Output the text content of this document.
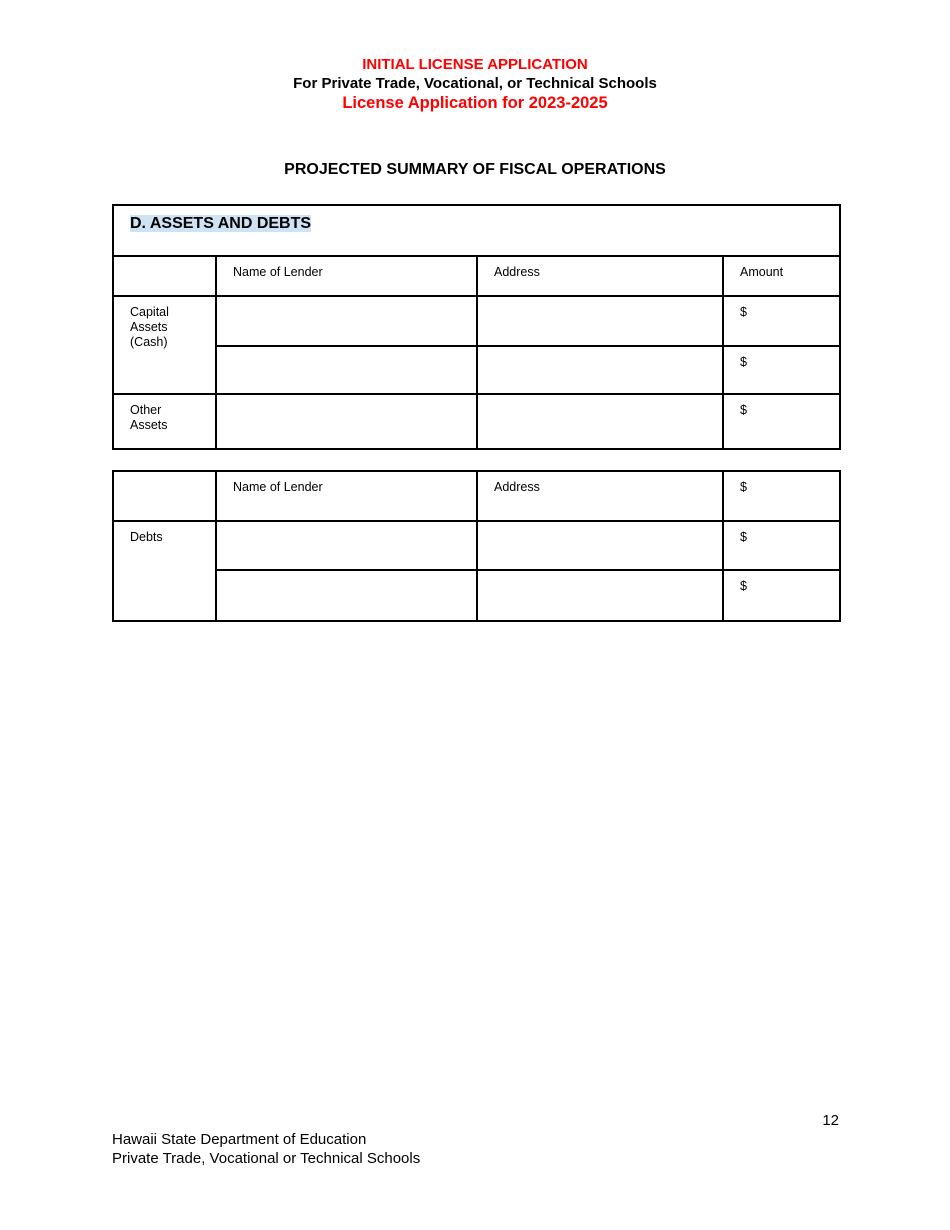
INITIAL LICENSE APPLICATION
For Private Trade, Vocational, or Technical Schools
License Application for 2023-2025
PROJECTED SUMMARY OF FISCAL OPERATIONS
D. ASSETS AND DEBTS			
	Name of Lender	Address	Amount
Capital Assets (Cash)			$
			$
Other Assets			$
	Name of Lender	Address	$
Debts			$
			$
12
Hawaii State Department of Education
Private Trade, Vocational or Technical Schools
